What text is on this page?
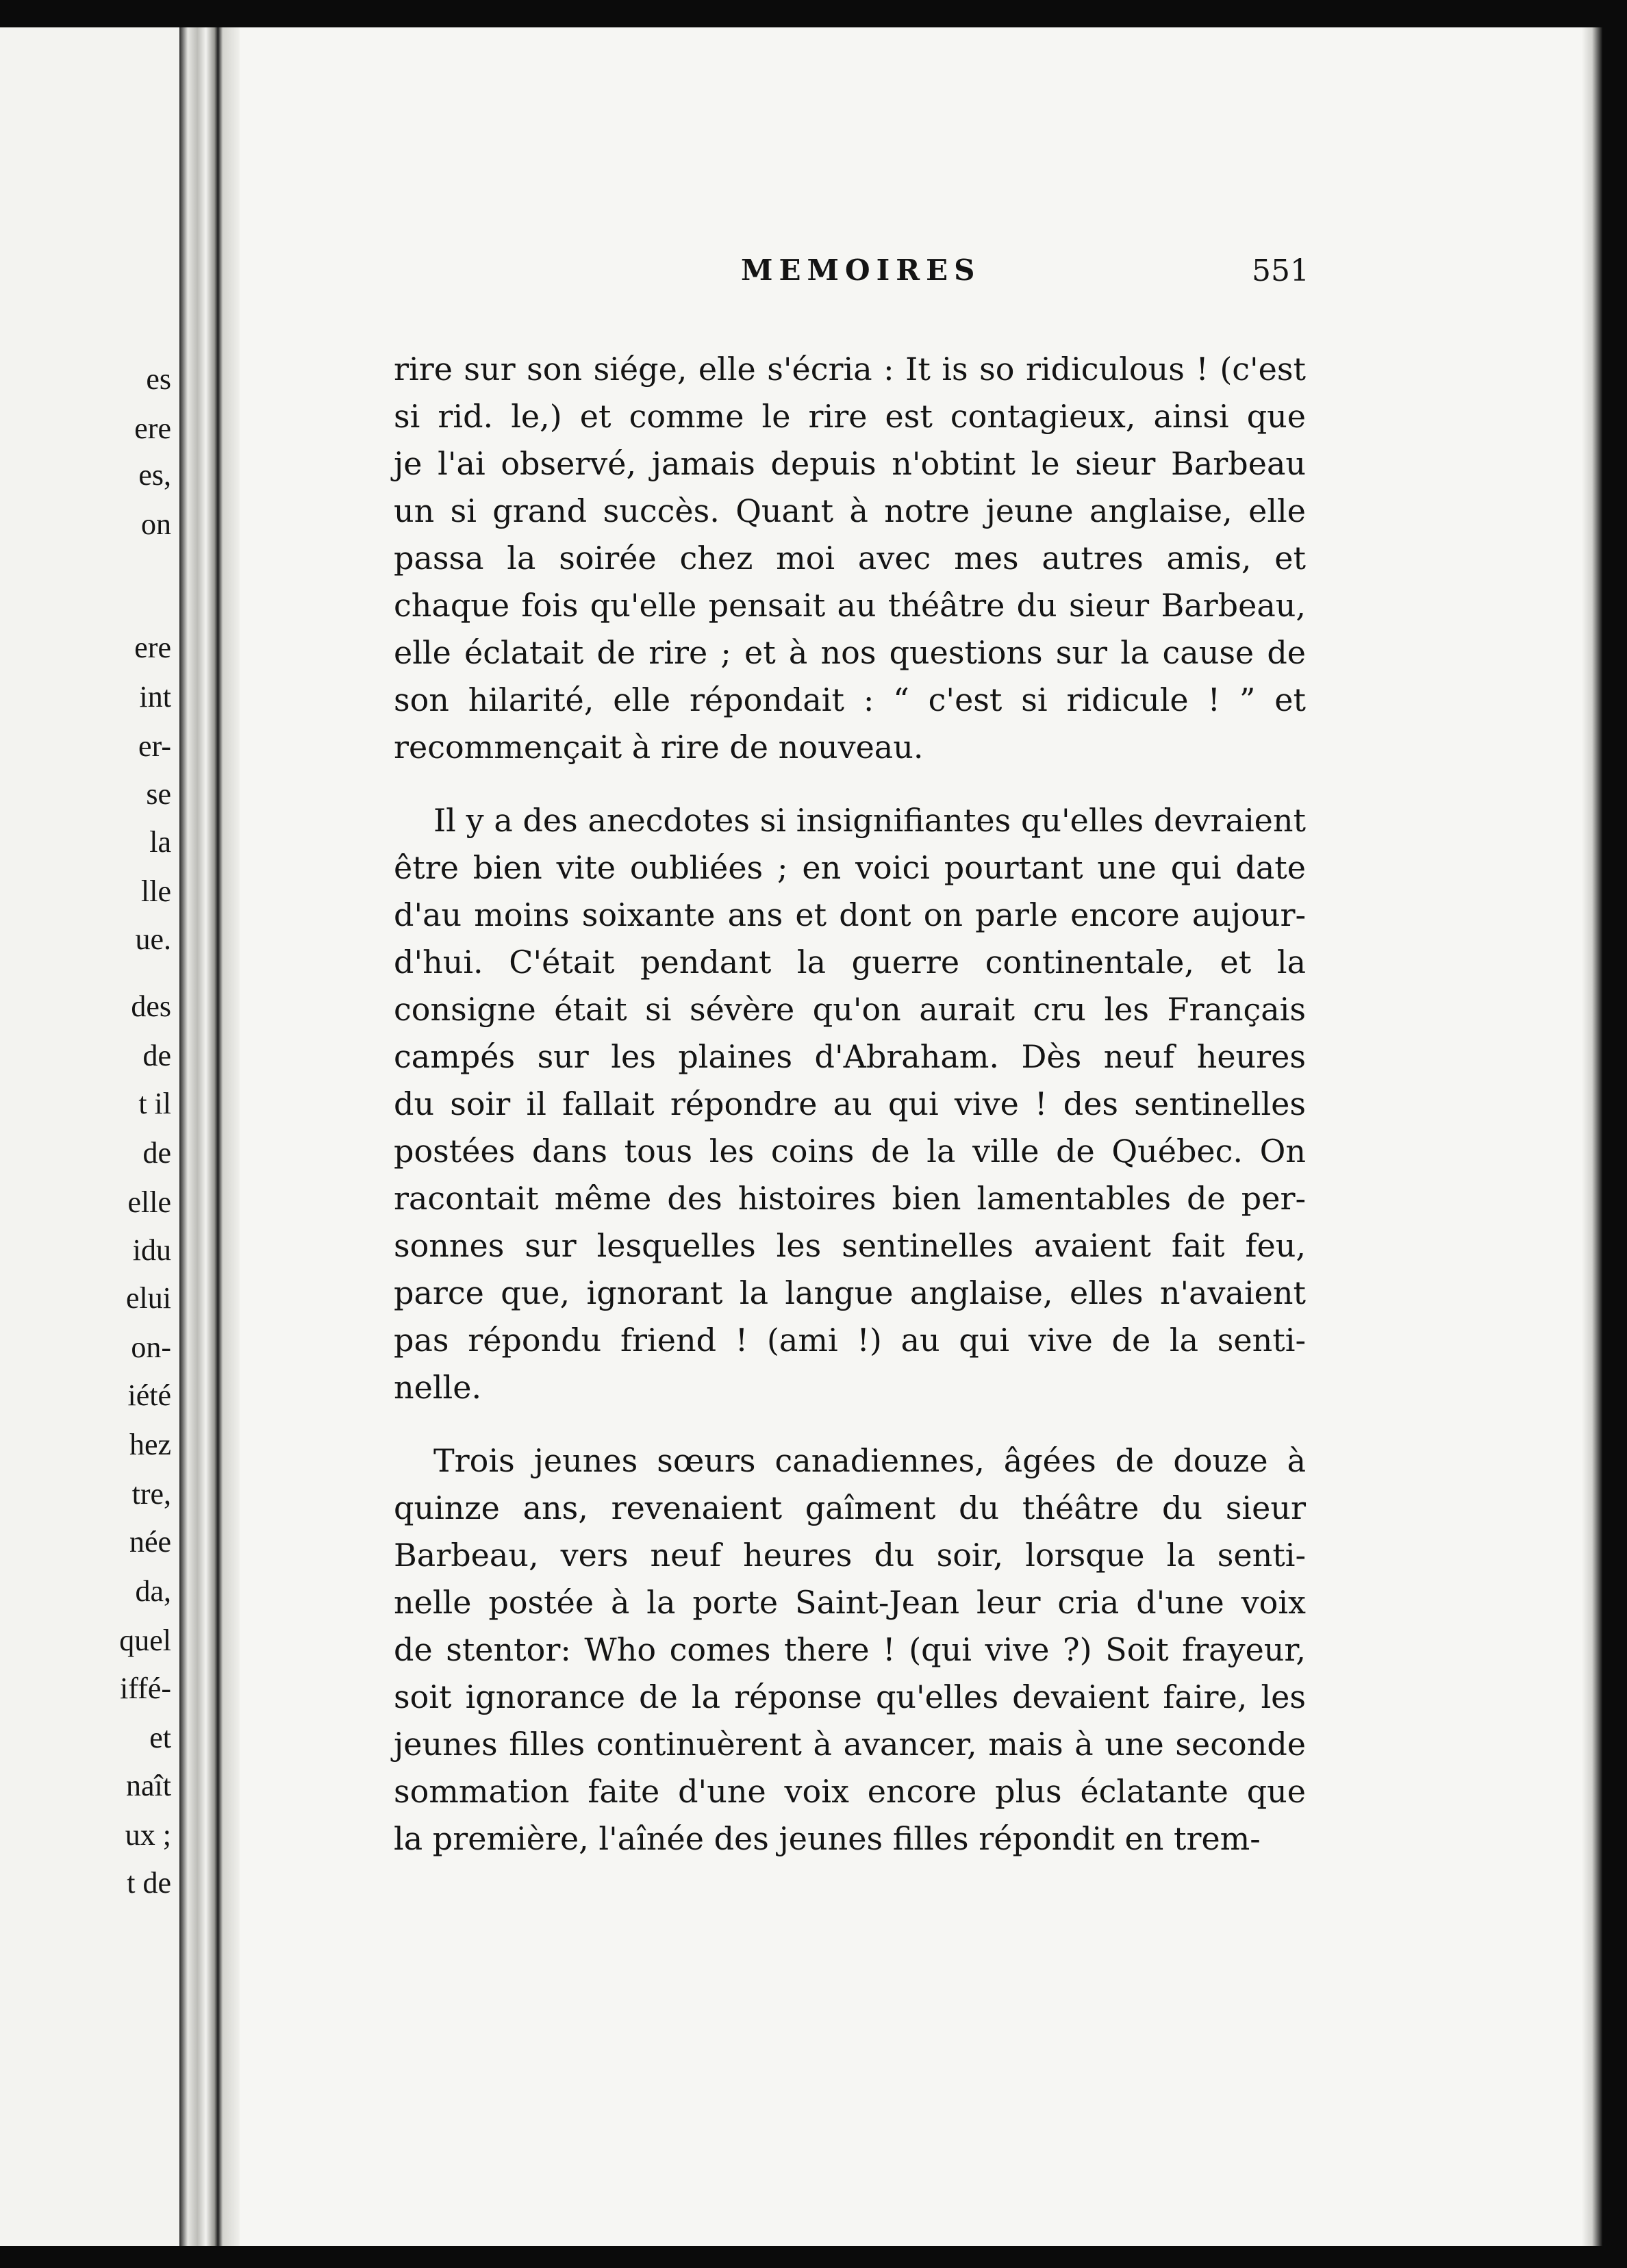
es
ere
es,
on
ere
int
er-
se
la
lle
ue.
des
de
t il
de
elle
idu
elui
on-
iété
hez
tre,
née
da,
quel
iffé-
et
naît
ux ;
t de
MEMOIRES	551
rire sur son siége, elle s'écria : It is so ridiculous ! (c'est
si rid. le,) et comme le rire est contagieux, ainsi que
je l'ai observé, jamais depuis n'obtint le sieur Barbeau
un si grand succès. Quant à notre jeune anglaise, elle
passa la soirée chez moi avec mes autres amis, et
chaque fois qu'elle pensait au théâtre du sieur Barbeau,
elle éclatait de rire ; et à nos questions sur la cause de
son hilarité, elle répondait : “ c'est si ridicule ! ” et
recommençait à rire de nouveau.
Il y a des anecdotes si insignifiantes qu'elles devraient
être bien vite oubliées ; en voici pourtant une qui date
d'au moins soixante ans et dont on parle encore aujour-
d'hui. C'était pendant la guerre continentale, et la
consigne était si sévère qu'on aurait cru les Français
campés sur les plaines d'Abraham. Dès neuf heures
du soir il fallait répondre au qui vive ! des sentinelles
postées dans tous les coins de la ville de Québec. On
racontait même des histoires bien lamentables de per-
sonnes sur lesquelles les sentinelles avaient fait feu,
parce que, ignorant la langue anglaise, elles n'avaient
pas répondu friend ! (ami !) au qui vive de la senti-
nelle.
Trois jeunes sœurs canadiennes, âgées de douze à
quinze ans, revenaient gaîment du théâtre du sieur
Barbeau, vers neuf heures du soir, lorsque la senti-
nelle postée à la porte Saint-Jean leur cria d'une voix
de stentor: Who comes there ! (qui vive ?) Soit frayeur,
soit ignorance de la réponse qu'elles devaient faire, les
jeunes filles continuèrent à avancer, mais à une seconde
sommation faite d'une voix encore plus éclatante que
la première, l'aînée des jeunes filles répondit en trem-
